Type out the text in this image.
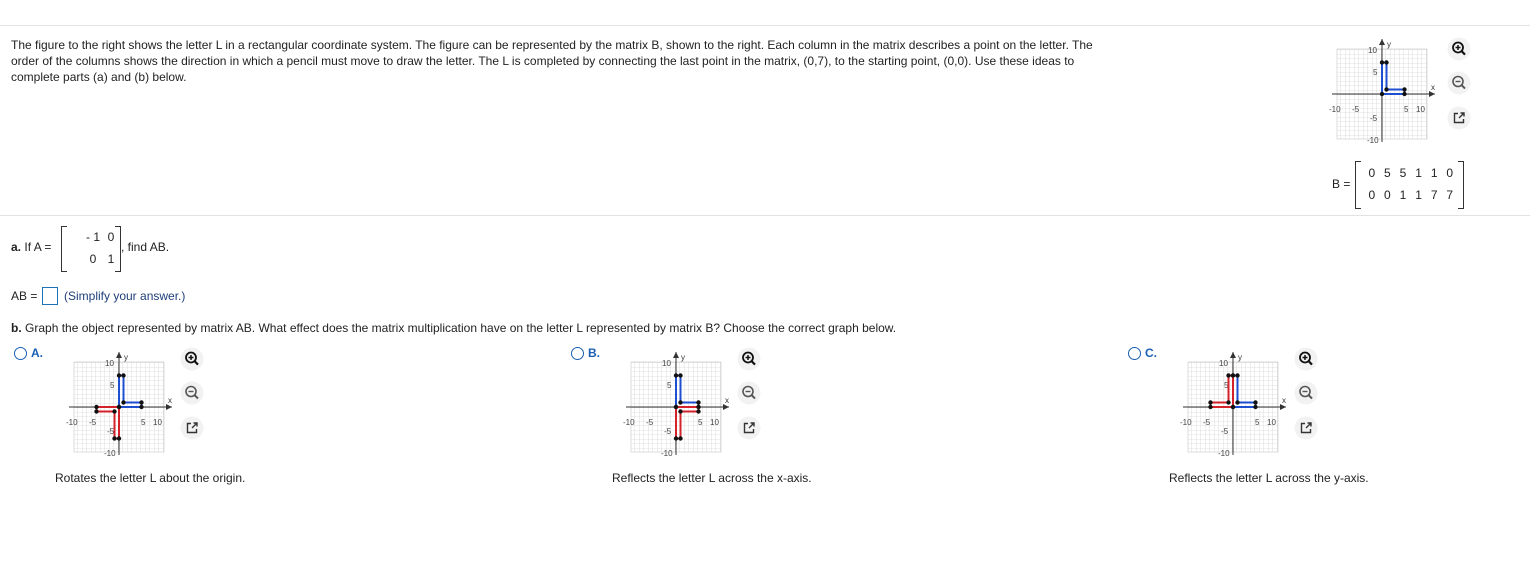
The figure to the right shows the letter L in a rectangular coordinate system. The figure can be represented by the matrix B, shown to the right. Each column in the matrix describes a point on the letter. The order of the columns shows the direction in which a pencil must move to draw the letter. The L is completed by connecting the last point in the matrix, (0,7), to the starting point, (0,0). Use these ideas to complete parts (a) and (b) below.
x
y
10
5
-5
-10
-10 -5	5 10
B =
0 5 5 1 1 0
0 0 1 1 7 7
a. If A =
- 1 0
0 1
, find AB.
AB = (Simplify your answer.)
b. Graph the object represented by matrix AB. What effect does the matrix multiplication have on the letter L represented by matrix B? Choose the correct graph below.
A.
x
y
10
5
-5
-10
-10 -5	5 10
Rotates the letter L about the origin.
B.
x
y
10
5
-5
-10
-10 -5	5 10
Reflects the letter L across the x-axis.
C.
x
y
10
5
-5
-10
-10 -5	5 10
Reflects the letter L across the y-axis.
